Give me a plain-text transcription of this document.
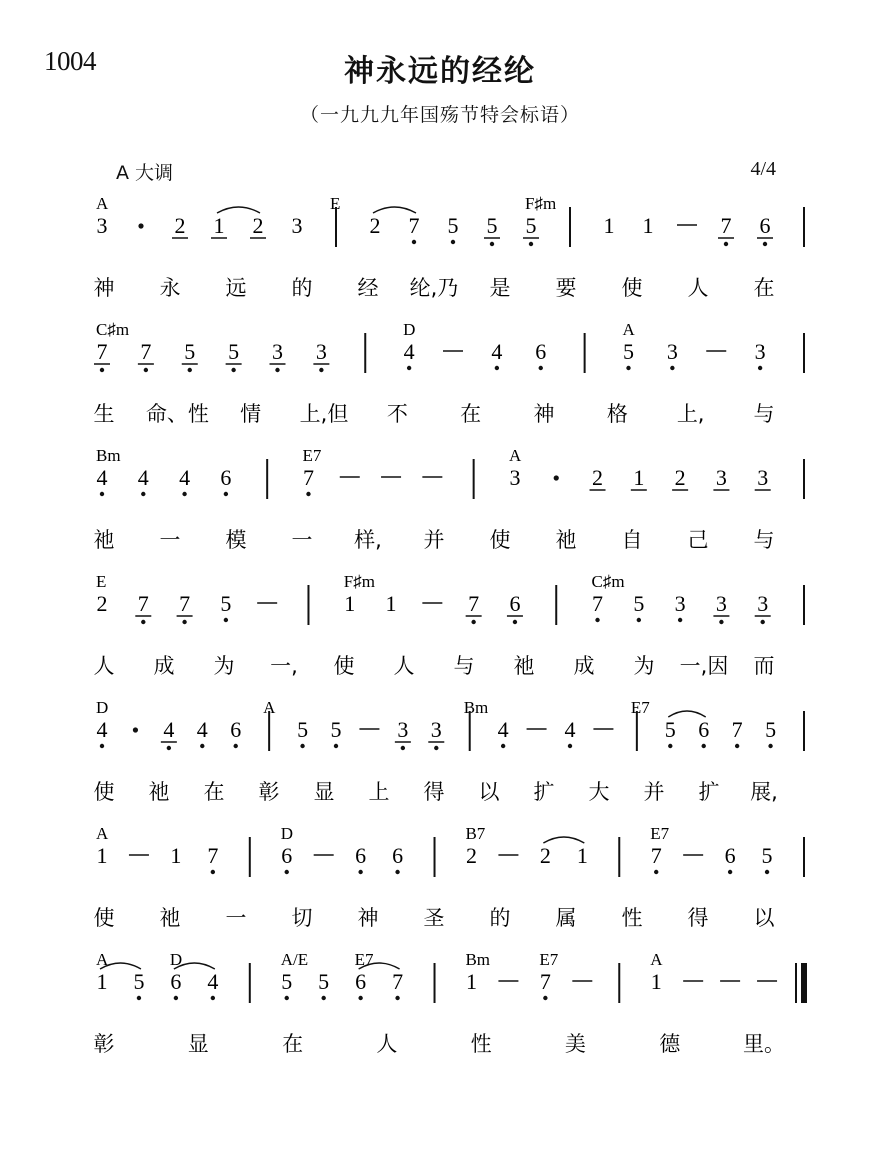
1004	神永远的经纶
（一九九九年国殇节特会标语）
A 大调	4/4
A	E	F♯m
3	2 1 2 3	2 7 5 5 5	1 1	7 6
神 永 远 的 经 纶,乃 是 要 使 人 在
C♯m	D	A
7 7 5 5 3 3	4	4 6	5 3	3
生 命、性 情 上,但 不 在 神 格 上, 与
Bm	E7	A
4 4 4 6	7	3	2 1 2 3 3
祂 一 模 一 样, 并 使 祂 自 己 与
E	F♯m	C♯m
2 7 7 5	1 1	7 6	7 5 3 3 3
人 成 为 一, 使 人 与 祂 成 为 一,因 而
D	A	Bm	E7
4	4 4 6	5 5	3 3	4	4	5 6 7 5
使 祂 在 彰 显 上 得 以 扩 大 并 扩 展,
A	D	B7	E7
1	1 7	6	6 6	2	2 1	7	6 5
使 祂 一 切 神 圣 的 属 性 得 以
A	D	A/E	E7	Bm	E7	A
1 5 6 4	5 5 6 7	1	7	1
彰	显	在	人	性	美	德	里。
